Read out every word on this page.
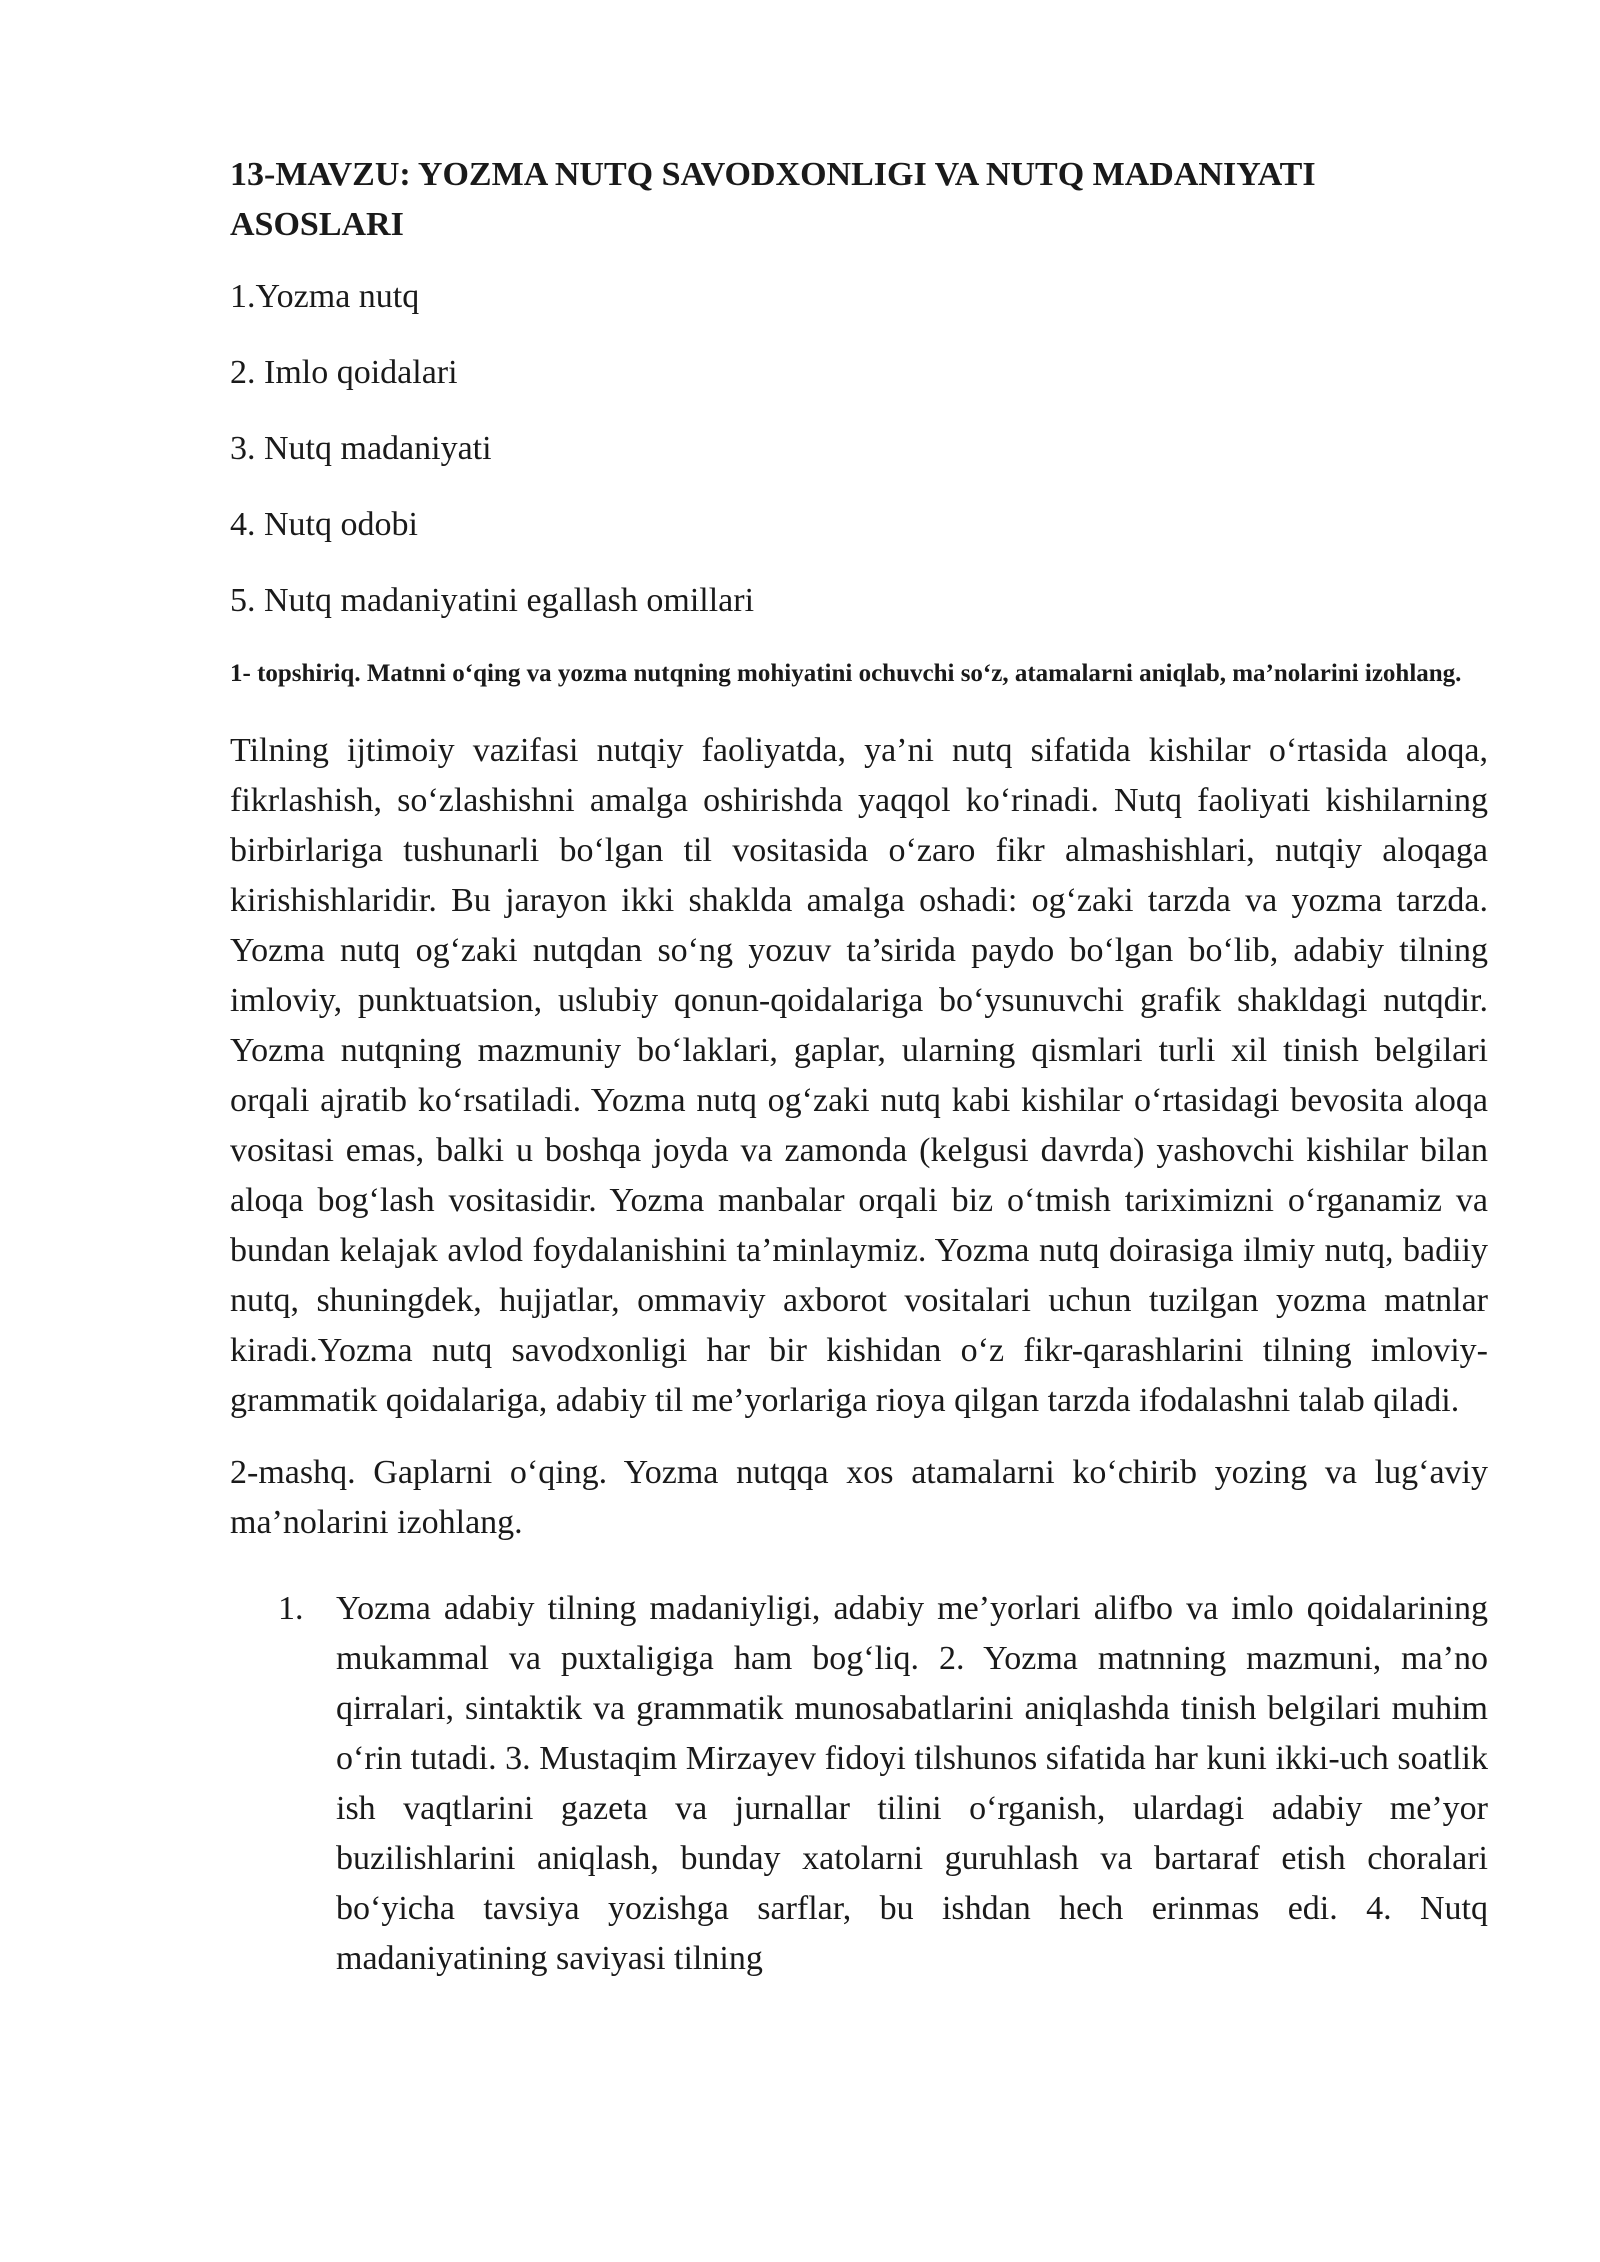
13-MAVZU: YOZMA NUTQ SAVODXONLIGI VA NUTQ MADANIYATI ASOSLARI
1.Yozma nutq
2. Imlo qoidalari
3. Nutq madaniyati
4. Nutq odobi
5. Nutq madaniyatini egallash omillari
1- topshiriq. Matnni o‘qing va yozma nutqning mohiyatini ochuvchi so‘z, atamalarni aniqlab, ma’nolarini izohlang.

Tilning ijtimoiy vazifasi nutqiy faoliyatda, ya’ni nutq sifatida kishilar o‘rtasida aloqa, fikrlashish, so‘zlashishni amalga oshirishda yaqqol ko‘rinadi. Nutq faoliyati kishilarning birbirlariga tushunarli bo‘lgan til vositasida o‘zaro fikr almashishlari, nutqiy aloqaga kirishishlaridir. Bu jarayon ikki shaklda amalga oshadi: og‘zaki tarzda va yozma tarzda. Yozma nutq og‘zaki nutqdan so‘ng yozuv ta’siridа paydo bo‘lgan bo‘lib, adabiy tilning imloviy, punktuatsion, uslubiy qonun-qoidalariga bo‘ysunuvchi grafik shakldagi nutqdir. Yozma nutqning mazmuniy bo‘laklari, gaplar, ularning qismlari turli xil tinish belgilari orqali ajratib ko‘rsatiladi. Yozma nutq og‘zaki nutq kabi kishilar o‘rtasidagi bevosita aloqa vositasi emas, balki u boshqa joyda va zamonda (kelgusi davrda) yashovchi kishilar bilan aloqa bog‘lash vositasidir. Yozma manbalar orqali biz o‘tmish tariximizni o‘rganamiz va bundan kelajak avlod foydalanishini ta’minlaymiz. Yozma nutq doirasiga ilmiy nutq, badiiy nutq, shuningdek, hujjatlar, ommaviy axborot vositalari uchun tuzilgan yozma matnlar kiradi.Yozma nutq savodxonligi har bir kishidan o‘z fikr-qarashlarini tilning imloviy-grammatik qoidalariga, adabiy til me’yorlariga rioya qilgan tarzda ifodalashni talab qiladi.

2-mashq. Gaplarni o‘qing. Yozma nutqqa xos atamalarni ko‘chirib yozing va lug‘aviy ma’nolarini izohlang.

1. Yozma adabiy tilning madaniyligi, adabiy me’yorlari alifbo va imlo qoidalarining mukammal va puxtaligiga ham bog‘liq. 2. Yozma matnning mazmuni, ma’no qirralari, sintaktik va grammatik munosabatlarini aniqlashda tinish belgilari muhim o‘rin tutadi. 3. Mustaqim Mirzayev fidoyi tilshunos sifatida har kuni ikki-uch soatlik ish vaqtlarini gazeta va jurnallar tilini o‘rganish, ulardagi adabiy me’yor buzilishlarini aniqlash, bunday xatolarni guruhlash va bartaraf etish choralari bo‘yicha tavsiya yozishga sarflar, bu ishdan hech erinmas edi. 4. Nutq madaniyatining saviyasi tilning
